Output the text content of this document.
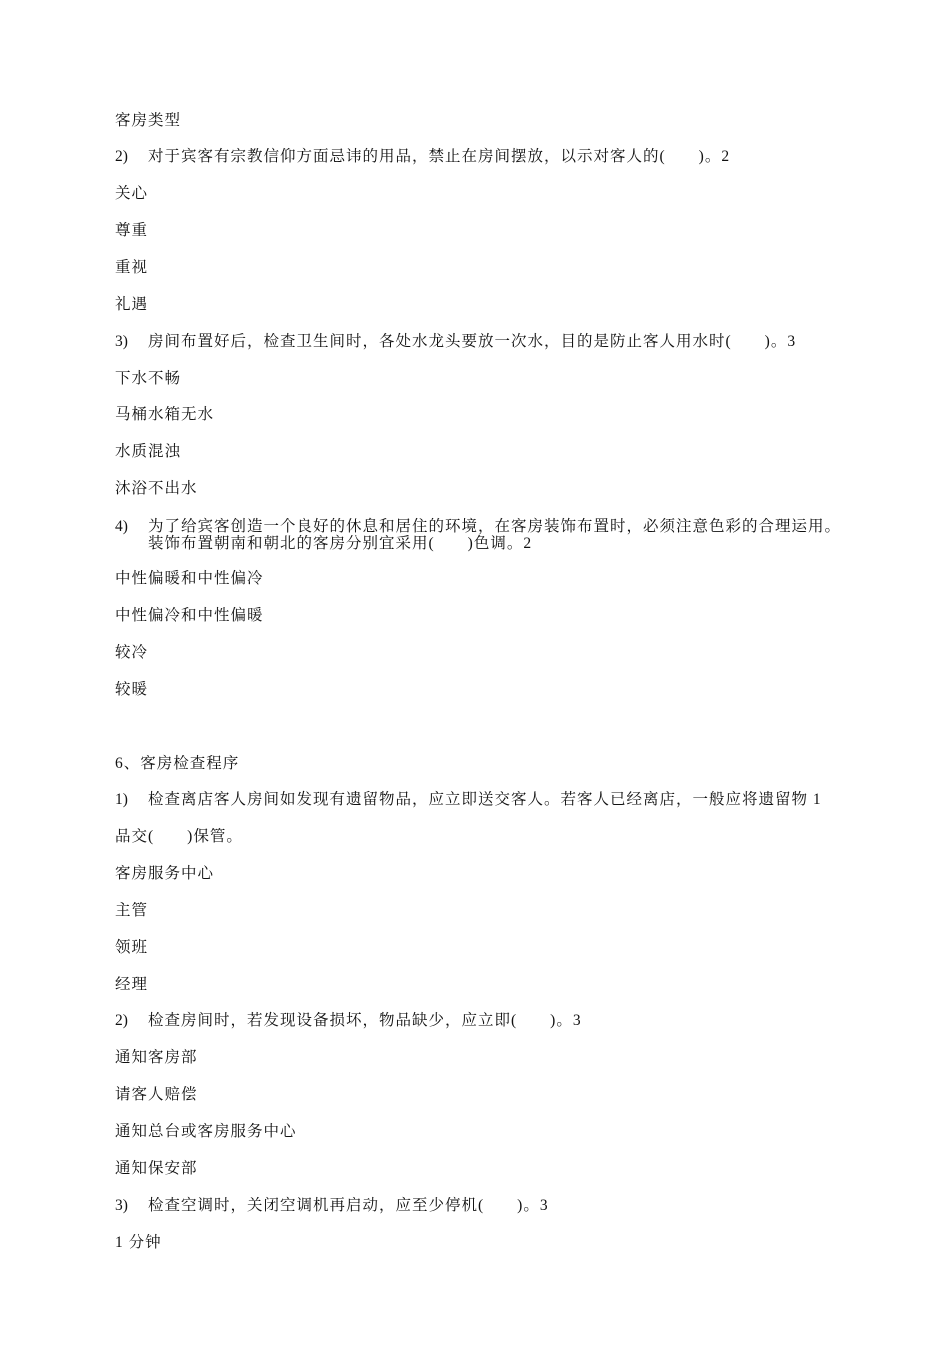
客房类型
2)	对于宾客有宗教信仰方面忌讳的用品，禁止在房间摆放，以示对客人的(　　)。2
关心
尊重
重视
礼遇
3)	房间布置好后，检查卫生间时，各处水龙头要放一次水，目的是防止客人用水时(　　)。3
下水不畅
马桶水箱无水
水质混浊
沐浴不出水
4)	为了给宾客创造一个良好的休息和居住的环境，在客房装饰布置时，必须注意色彩的合理运用。
装饰布置朝南和朝北的客房分别宜采用(　　)色调。2
中性偏暖和中性偏冷
中性偏冷和中性偏暖
较冷
较暖
6、客房检查程序
1)	检查离店客人房间如发现有遗留物品，应立即送交客人。若客人已经离店，一般应将遗留物 1
品交(　　)保管。
客房服务中心
主管
领班
经理
2)	检查房间时，若发现设备损坏，物品缺少，应立即(　　)。3
通知客房部
请客人赔偿
通知总台或客房服务中心
通知保安部
3)	检查空调时，关闭空调机再启动，应至少停机(　　)。3
1 分钟
